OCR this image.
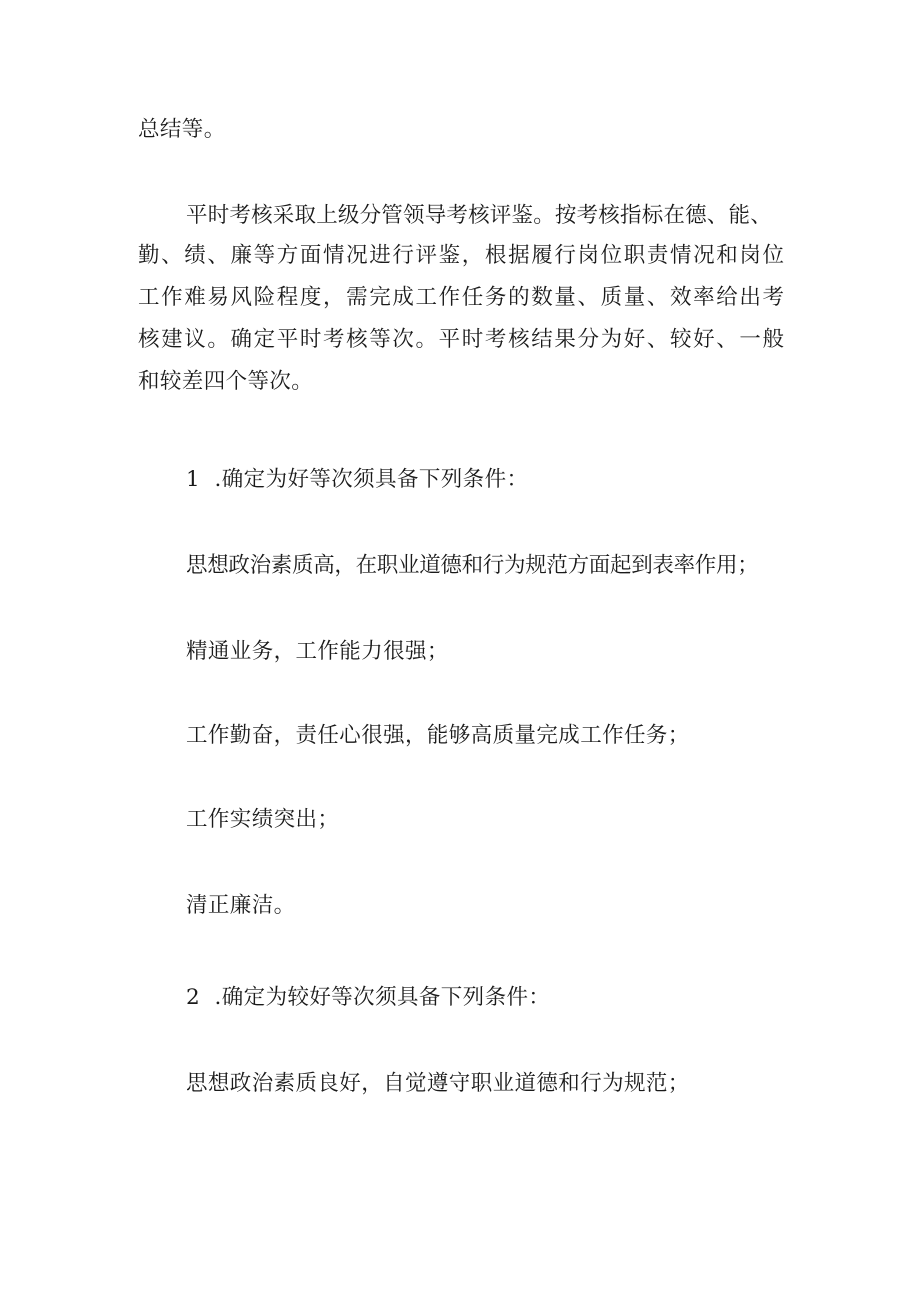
总结等。
平时考核采取上级分管领导考核评鉴。按考核指标在德、能、
勤、绩、廉等方面情况进行评鉴，根据履行岗位职责情况和岗位
工作难易风险程度，需完成工作任务的数量、质量、效率给出考
核建议。确定平时考核等次。平时考核结果分为好、较好、一般
和较差四个等次。
1  .确定为好等次须具备下列条件：
思想政治素质高，在职业道德和行为规范方面起到表率作用；
精通业务，工作能力很强；
工作勤奋，责任心很强，能够高质量完成工作任务；
工作实绩突出；
清正廉洁。
2  .确定为较好等次须具备下列条件：
思想政治素质良好，自觉遵守职业道德和行为规范；
